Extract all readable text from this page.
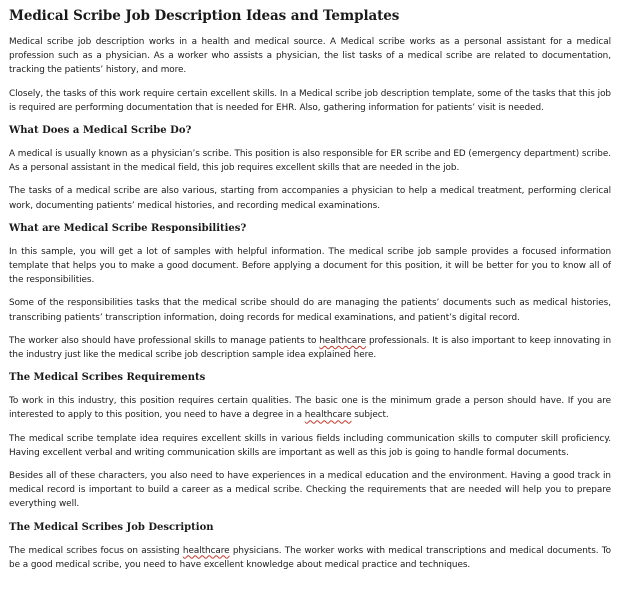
Medical Scribe Job Description Ideas and Templates

Medical scribe job description works in a health and medical source. A Medical scribe works as a personal assistant for a medical profession such as a physician. As a worker who assists a physician, the list tasks of a medical scribe are related to documentation, tracking the patients’ history, and more.

Closely, the tasks of this work require certain excellent skills. In a Medical scribe job description template, some of the tasks that this job is required are performing documentation that is needed for EHR. Also, gathering information for patients’ visit is needed.

What Does a Medical Scribe Do?

A medical is usually known as a physician’s scribe. This position is also responsible for ER scribe and ED (emergency department) scribe. As a personal assistant in the medical field, this job requires excellent skills that are needed in the job.

The tasks of a medical scribe are also various, starting from accompanies a physician to help a medical treatment, performing clerical work, documenting patients’ medical histories, and recording medical examinations.

What are Medical Scribe Responsibilities?

In this sample, you will get a lot of samples with helpful information. The medical scribe job sample provides a focused information template that helps you to make a good document. Before applying a document for this position, it will be better for you to know all of the responsibilities.

Some of the responsibilities tasks that the medical scribe should do are managing the patients’ documents such as medical histories, transcribing patients’ transcription information, doing records for medical examinations, and patient’s digital record.

The worker also should have professional skills to manage patients to healthcare professionals. It is also important to keep innovating in the industry just like the medical scribe job description sample idea explained here.

The Medical Scribes Requirements

To work in this industry, this position requires certain qualities. The basic one is the minimum grade a person should have. If you are interested to apply to this position, you need to have a degree in a healthcare subject.

The medical scribe template idea requires excellent skills in various fields including communication skills to computer skill proficiency. Having excellent verbal and writing communication skills are important as well as this job is going to handle formal documents.

Besides all of these characters, you also need to have experiences in a medical education and the environment. Having a good track in medical record is important to build a career as a medical scribe. Checking the requirements that are needed will help you to prepare everything well.

The Medical Scribes Job Description

The medical scribes focus on assisting healthcare physicians. The worker works with medical transcriptions and medical documents. To be a good medical scribe, you need to have excellent knowledge about medical practice and techniques.
